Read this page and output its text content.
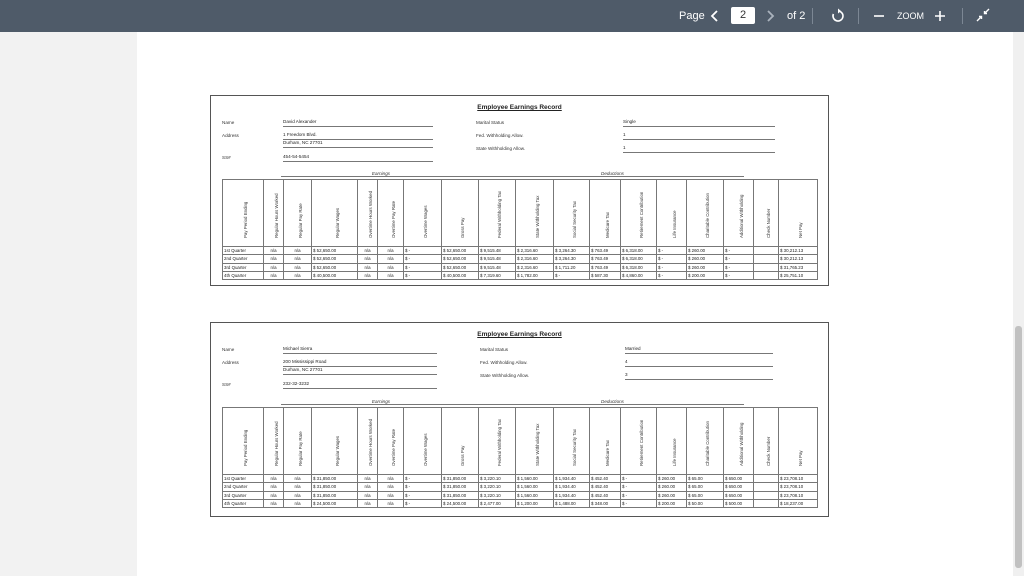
Page	2	of 2	ZOOM
Employee Earnings Record
Name	David Alexander
Address	1 Freedom Blvd.
Durham, NC 27701
SS#	454-54-5454
Marital Status	Single
Fed. Withholding Allow.	1
State Withholding Allow.	1
Earnings	Deductions
Pay Period Ending	Regular Hours Worked	Regular Pay Rate	Regular Wages	Overtime Hours Worked	Overtime Pay Rate	Overtime Wages	Gross Pay	Federal Withholding Tax	State Withholding Tax	Social Security Tax	Medicare Tax	Retirement Contribution	Life Insurance	Charitable Contribution	Additional Withholding	Check Number	Net Pay

1st Quarter	n/a	n/a	$ 52,650.00	n/a	n/a	$ -	$ 52,650.00	$ 9,515.48	$ 2,316.60	$ 3,264.30	$ 763.49	$ 6,318.00	$ -	$ 260.00	$ -		$ 30,212.13
2nd Quarter	n/a	n/a	$ 52,650.00	n/a	n/a	$ -	$ 52,650.00	$ 9,515.48	$ 2,316.60	$ 3,264.30	$ 763.49	$ 6,318.00	$ -	$ 260.00	$ -		$ 30,212.13
3rd Quarter	n/a	n/a	$ 52,650.00	n/a	n/a	$ -	$ 52,650.00	$ 9,515.48	$ 2,316.60	$ 1,711.20	$ 763.49	$ 6,318.00	$ -	$ 260.00	$ -		$ 31,765.23
4th Quarter	n/a	n/a	$ 40,500.00	n/a	n/a	$ -	$ 40,500.00	$ 7,319.60	$ 1,782.00	$ -	$ 587.30	$ 4,860.00	$ -	$ 200.00	$ -		$ 25,751.10
Employee Earnings Record
Name	Michael Sierra
Address	200 Mississippi Road
Durham, NC 27701
SS#	232-32-3232
Marital Status	Married
Fed. Withholding Allow.	4
State Withholding Allow.	3
Earnings	Deductions
Pay Period Ending	Regular Hours Worked	Regular Pay Rate	Regular Wages	Overtime Hours Worked	Overtime Pay Rate	Overtime Wages	Gross Pay	Federal Withholding Tax	State Withholding Tax	Social Security Tax	Medicare Tax	Retirement Contribution	Life Insurance	Charitable Contribution	Additional Withholding	Check Number	Net Pay

1st Quarter	n/a	n/a	$ 31,850.00	n/a	n/a	$ -	$ 31,850.00	$ 3,220.10	$ 1,560.00	$ 1,934.40	$ 452.40	$ -	$ 260.00	$ 65.00	$ 650.00		$ 23,708.10
2nd Quarter	n/a	n/a	$ 31,850.00	n/a	n/a	$ -	$ 31,850.00	$ 3,220.10	$ 1,560.00	$ 1,934.40	$ 452.40	$ -	$ 260.00	$ 65.00	$ 650.00		$ 23,708.10
3rd Quarter	n/a	n/a	$ 31,850.00	n/a	n/a	$ -	$ 31,850.00	$ 3,220.10	$ 1,560.00	$ 1,934.40	$ 452.40	$ -	$ 260.00	$ 65.00	$ 650.00		$ 23,708.10
4th Quarter	n/a	n/a	$ 24,500.00	n/a	n/a	$ -	$ 24,500.00	$ 2,477.00	$ 1,200.00	$ 1,488.00	$ 348.00	$ -	$ 200.00	$ 50.00	$ 500.00		$ 18,237.00
